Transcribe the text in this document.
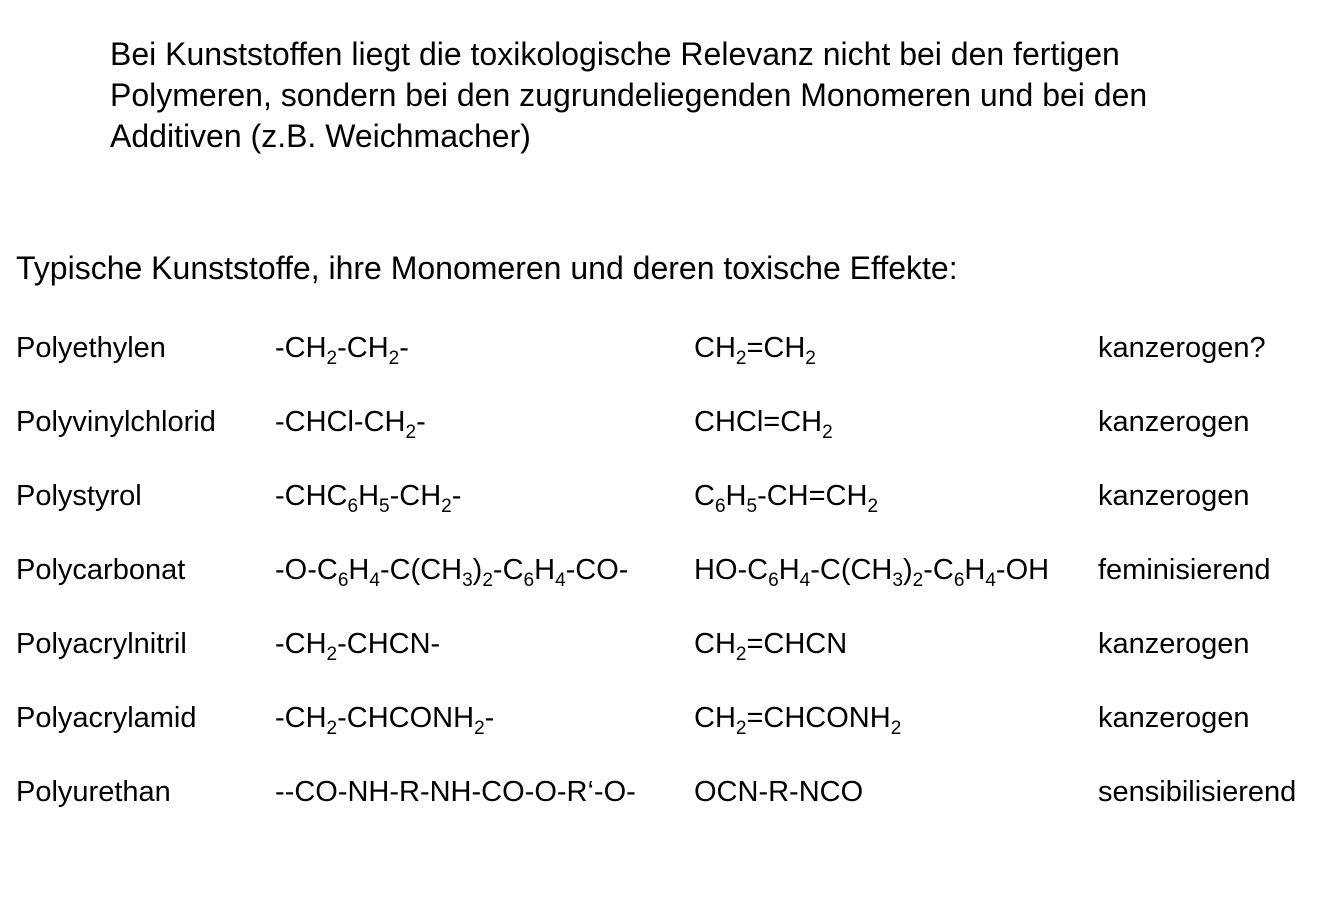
Bei Kunststoffen liegt die toxikologische Relevanz nicht bei den fertigen
Polymeren, sondern bei den zugrundeliegenden Monomeren und bei den
Additiven (z.B. Weichmacher)
Typische Kunststoffe, ihre Monomeren und deren toxische Effekte:
Polyethylen	$-CH_2-CH_2-$	$CH_2=CH_2$	kanzerogen?
Polyvinylchlorid $-CHCl-CH_2-$	$CHCl=CH_2$	kanzerogen
Polystyrol	$-CHC_6H_5-CH_2-$	$C_6H_5-CH=CH_2$	kanzerogen
Polycarbonat	$-O-C_6H_4-C(CH_3)_2-C_6H_4-CO-$ $HO-C_6H_4-C(CH_3)_2-C_6H_4-OH$ feminisierend
Polyacrylnitril	$-CH_2-CHCN-$	$CH_2=CHCN$	kanzerogen
Polyacrylamid	$-CH_2-CHCONH_2-$	$CH_2=CHCONH_2$	kanzerogen
Polyurethan	--CO-NH-R-NH-CO-O-R‘-O- OCN-R-NCO	sensibilisierend
